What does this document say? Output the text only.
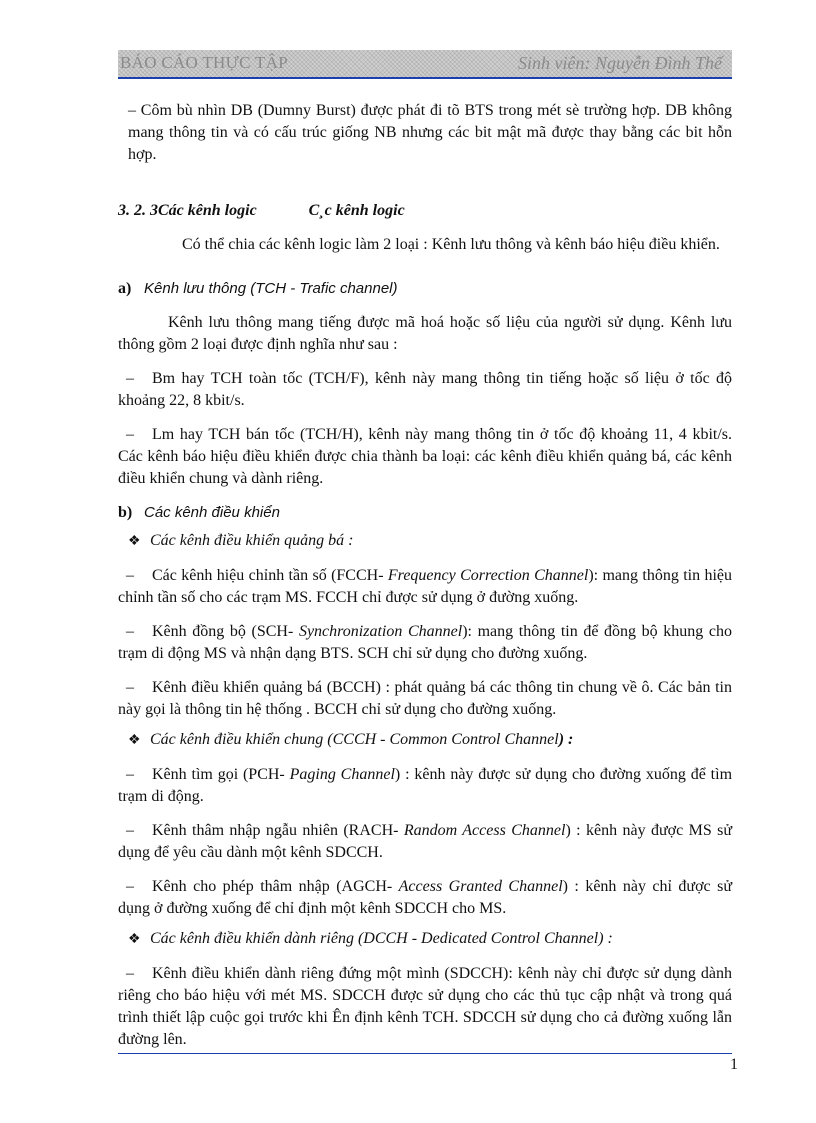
BÁO CÁO THỰC TẬP	Sinh viên: Nguyễn Đình Thế

– Côm bù nhìn DB (Dumny Burst) được phát đi tõ BTS trong mét sè trường hợp. DB không mang thông tin và có cấu trúc giống NB nhưng các bit mật mã được thay bằng các bit hỗn hợp.

3. 2. 3Các kênh logic	C¸c kênh logic

Có thể chia các kênh logic làm 2 loại : Kênh lưu thông và kênh báo hiệu điều khiển.

a) Kênh lưu thông (TCH - Trafic channel)

Kênh lưu thông mang tiếng được mã hoá hoặc số liệu của người sử dụng. Kênh lưu thông gồm 2 loại được định nghĩa như sau :

– Bm hay TCH toàn tốc (TCH/F), kênh này mang thông tin tiếng hoặc số liệu ở tốc độ khoảng 22, 8 kbit/s.

– Lm hay TCH bán tốc (TCH/H), kênh này mang thông tin ở tốc độ khoảng 11, 4 kbit/s. Các kênh báo hiệu điều khiển được chia thành ba loại: các kênh điều khiển quảng bá, các kênh điều khiển chung và dành riêng.

b) Các kênh điều khiển

❖ Các kênh điều khiển quảng bá :

– Các kênh hiệu chỉnh tần số (FCCH- Frequency Correction Channel): mang thông tin hiệu chỉnh tần số cho các trạm MS. FCCH chỉ được sử dụng ở đường xuống.

– Kênh đồng bộ (SCH- Synchronization Channel): mang thông tin để đồng bộ khung cho trạm di động MS và nhận dạng BTS. SCH chỉ sử dụng cho đường xuống.

– Kênh điều khiển quảng bá (BCCH) : phát quảng bá các thông tin chung về ô. Các bản tin này gọi là thông tin hệ thống . BCCH chỉ sử dụng cho đường xuống.

❖ Các kênh điều khiển chung (CCCH - Common Control Channel) :

– Kênh tìm gọi (PCH- Paging Channel) : kênh này được sử dụng cho đường xuống để tìm trạm di động.

– Kênh thâm nhập ngẫu nhiên (RACH- Random Access Channel) : kênh này được MS sử dụng để yêu cầu dành một kênh SDCCH.

– Kênh cho phép thâm nhập (AGCH- Access Granted Channel) : kênh này chỉ được sử dụng ở đường xuống để chỉ định một kênh SDCCH cho MS.

❖ Các kênh điều khiển dành riêng (DCCH - Dedicated Control Channel) :

– Kênh điều khiển dành riêng đứng một mình (SDCCH): kênh này chỉ được sử dụng dành riêng cho báo hiệu với mét MS. SDCCH được sử dụng cho các thủ tục cập nhật và trong quá trình thiết lập cuộc gọi trước khi Ên định kênh TCH. SDCCH sử dụng cho cả đường xuống lẫn đường lên.

1
